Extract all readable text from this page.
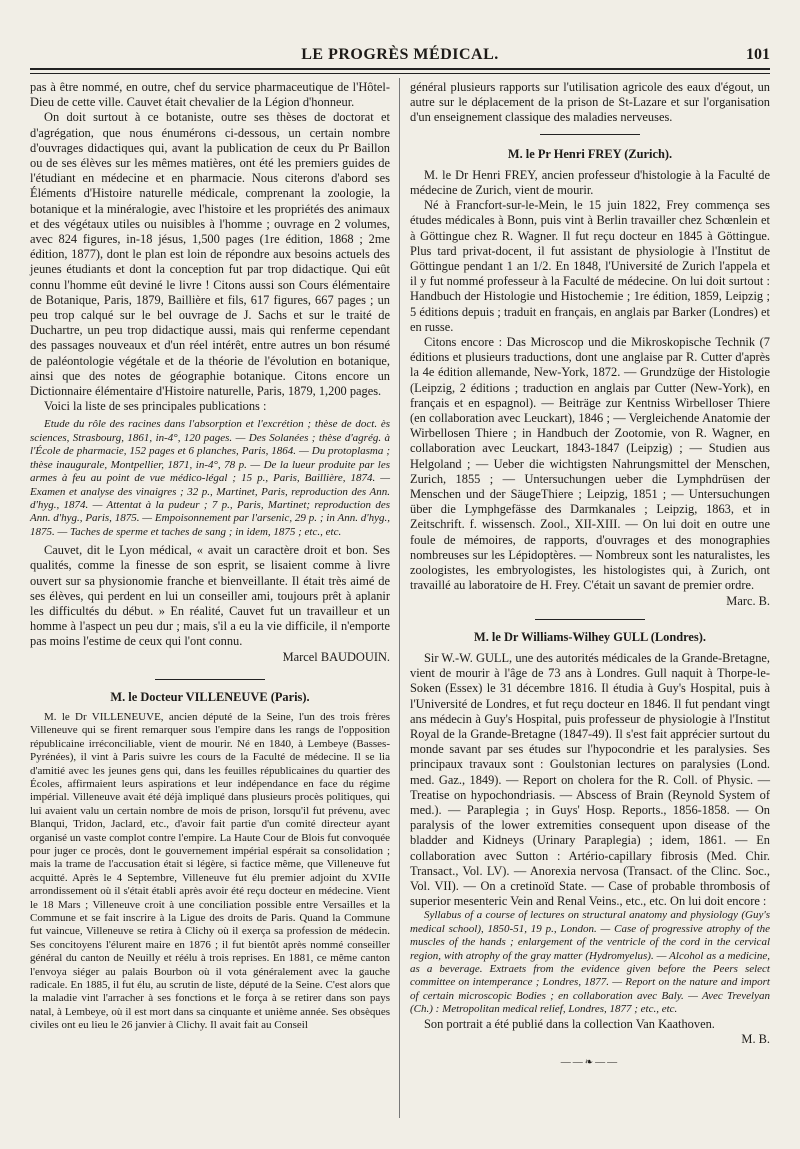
LE PROGRÈS MÉDICAL.	101

pas à être nommé, en outre, chef du service pharmaceutique de l'Hôtel-Dieu de cette ville. Cauvet était chevalier de la Légion d'honneur.

On doit surtout à ce botaniste, outre ses thèses de doctorat et d'agrégation, que nous énumérons ci-dessous, un certain nombre d'ouvrages didactiques qui, avant la publication de ceux du Pr Baillon ou de ses élèves sur les mêmes matières, ont été les premiers guides de l'étudiant en médecine et en pharmacie. Nous citerons d'abord ses Éléments d'Histoire naturelle médicale, comprenant la zoologie, la botanique et la minéralogie, avec l'histoire et les propriétés des animaux et des végétaux utiles ou nuisibles à l'homme ; ouvrage en 2 volumes, avec 824 figures, in-18 jésus, 1,500 pages (1re édition, 1868 ; 2me édition, 1877), dont le plan est loin de répondre aux besoins actuels des jeunes étudiants et dont la conception fut par trop didactique. Qui eût connu l'homme eût deviné le livre ! Citons aussi son Cours élémentaire de Botanique, Paris, 1879, Baillière et fils, 617 figures, 667 pages ; un peu trop calqué sur le bel ouvrage de J. Sachs et sur le traité de Duchartre, un peu trop didactique aussi, mais qui renferme cependant des passages nouveaux et d'un réel intérêt, entre autres un bon résumé de paléontologie végétale et de la théorie de l'évolution en botanique, ainsi que des notes de géographie botanique. Citons encore un Dictionnaire élémentaire d'Histoire naturelle, Paris, 1879, 1,200 pages.

Voici la liste de ses principales publications :

Etude du rôle des racines dans l'absorption et l'excrétion ; thèse de doct. ès sciences, Strasbourg, 1861, in-4°, 120 pages. — Des Solanées ; thèse d'agrég. à l'École de pharmacie, 152 pages et 6 planches, Paris, 1864. — Du protoplasma ; thèse inaugurale, Montpellier, 1871, in-4°, 78 p. — De la lueur produite par les armes à feu au point de vue médico-légal ; 15 p., Paris, Baillière, 1874. — Examen et analyse des vinaigres ; 32 p., Martinet, Paris, reproduction des Ann. d'hyg., 1874. — Attentat à la pudeur ; 7 p., Paris, Martinet; reproduction des Ann. d'hyg., Paris, 1875. — Empoisonnement par l'arsenic, 29 p. ; in Ann. d'hyg., 1875. — Taches de sperme et taches de sang ; in idem, 1875 ; etc., etc.

Cauvet, dit le Lyon médical, « avait un caractère droit et bon. Ses qualités, comme la finesse de son esprit, se lisaient comme à livre ouvert sur sa physionomie franche et bienveillante. Il était très aimé de ses élèves, qui perdent en lui un conseiller ami, toujours prêt à aplanir les difficultés du début. » En réalité, Cauvet fut un travailleur et un homme à l'aspect un peu dur ; mais, s'il a eu la vie difficile, il n'emporte pas moins l'estime de ceux qui l'ont connu.

Marcel BAUDOUIN.
M. le Docteur VILLENEUVE (Paris).

M. le Dr VILLENEUVE, ancien député de la Seine, l'un des trois frères Villeneuve qui se firent remarquer sous l'empire dans les rangs de l'opposition républicaine irréconciliable, vient de mourir. Né en 1840, à Lembeye (Basses-Pyrénées), il vint à Paris suivre les cours de la Faculté de médecine. Il se lia d'amitié avec les jeunes gens qui, dans les feuilles républicaines du quartier des Écoles, affirmaient leurs aspirations et leur indépendance en face du régime impérial. Villeneuve avait été déjà impliqué dans plusieurs procès politiques, qui lui avaient valu un certain nombre de mois de prison, lorsqu'il fut prévenu, avec Blanqui, Tridon, Jaclard, etc., d'avoir fait partie d'un comité directeur ayant organisé un vaste complot contre l'empire. La Haute Cour de Blois fut convoquée pour juger ce procès, dont le gouvernement impérial espérait sa consolidation ; mais la trame de l'accusation était si légère, si factice même, que Villeneuve fut acquitté. Après le 4 Septembre, Villeneuve fut élu premier adjoint du XVIIe arrondissement où il s'était établi après avoir été reçu docteur en médecine. Vient le 18 Mars ; Villeneuve croit à une conciliation possible entre Versailles et la Commune et se fait inscrire à la Ligue des droits de Paris. Quand la Commune fut vaincue, Villeneuve se retira à Clichy où il exerça sa profession de médecin. Ses concitoyens l'élurent maire en 1876 ; il fut bientôt après nommé conseiller général du canton de Neuilly et réélu à trois reprises. En 1881, ce même canton l'envoya siéger au palais Bourbon où il vota généralement avec la gauche radicale. En 1885, il fut élu, au scrutin de liste, député de la Seine. C'est alors que la maladie vint l'arracher à ses fonctions et le força à se retirer dans son pays natal, à Lembeye, où il est mort dans sa cinquante et unième année. Ses obsèques civiles ont eu lieu le 26 janvier à Clichy. Il avait fait au Conseil

général plusieurs rapports sur l'utilisation agricole des eaux d'égout, un autre sur le déplacement de la prison de St-Lazare et sur l'organisation d'un enseignement classique des maladies nerveuses.

M. le Pr Henri FREY (Zurich).

M. le Dr Henri FREY, ancien professeur d'histologie à la Faculté de médecine de Zurich, vient de mourir.

Né à Francfort-sur-le-Mein, le 15 juin 1822, Frey commença ses études médicales à Bonn, puis vint à Berlin travailler chez Schœnlein et à Göttingue chez R. Wagner. Il fut reçu docteur en 1845 à Göttingue. Plus tard privat-docent, il fut assistant de physiologie à l'Institut de Göttingue pendant 1 an 1/2. En 1848, l'Université de Zurich l'appela et il y fut nommé professeur à la Faculté de médecine. On lui doit surtout : Handbuch der Histologie und Histochemie ; 1re édition, 1859, Leipzig ; 5 éditions depuis ; traduit en français, en anglais par Barker (Londres) et en russe.

Citons encore : Das Microscop und die Mikroskopische Technik (7 éditions et plusieurs traductions, dont une anglaise par R. Cutter d'après la 4e édition allemande, New-York, 1872. — Grundzüge der Histologie (Leipzig, 2 éditions ; traduction en anglais par Cutter (New-York), en français et en espagnol). — Beiträge zur Kentniss Wirbelloser Thiere (en collaboration avec Leuckart), 1846 ; — Vergleichende Anatomie der Wirbellosen Thiere ; in Handbuch der Zootomie, von R. Wagner, en collaboration avec Leuckart, 1843-1847 (Leipzig) ; — Studien aus Helgoland ; — Ueber die wichtigsten Nahrungsmittel der Menschen, Zurich, 1855 ; — Untersuchungen ueber die Lymphdrüsen der Menschen und der SäugeThiere ; Leipzig, 1851 ; — Untersuchungen über die Lymphgefässe des Darmkanales ; Leipzig, 1863, et in Zeitschrift. f. wissensch. Zool., XII-XIII. — On lui doit en outre une foule de mémoires, de rapports, d'ouvrages et des monographies nombreuses sur les Lépidoptères. — Nombreux sont les naturalistes, les zoologistes, les embryologistes, les histologistes qui, à Zurich, ont travaillé au laboratoire de H. Frey. C'était un savant de premier ordre.

Marc. B.
M. le Dr Williams-Wilhey GULL (Londres).

Sir W.-W. GULL, une des autorités médicales de la Grande-Bretagne, vient de mourir à l'âge de 73 ans à Londres. Gull naquit à Thorpe-le-Soken (Essex) le 31 décembre 1816. Il étudia à Guy's Hospital, puis à l'Université de Londres, et fut reçu docteur en 1846. Il fut pendant vingt ans médecin à Guy's Hospital, puis professeur de physiologie à l'Institut Royal de la Grande-Bretagne (1847-49). Il s'est fait apprécier surtout du monde savant par ses études sur l'hypocondrie et les paralysies. Ses principaux travaux sont : Goulstonian lectures on paralysies (Lond. med. Gaz., 1849). — Report on cholera for the R. Coll. of Physic. — Treatise on hypochondriasis. — Abscess of Brain (Reynold System of med.). — Paraplegia ; in Guys' Hosp. Reports., 1856-1858. — On paralysis of the lower extremities consequent upon disease of the bladder and Kidneys (Urinary Paraplegia) ; idem, 1861. — En collaboration avec Sutton : Artério-capillary fibrosis (Med. Chir. Transact., Vol. LV). — Anorexia nervosa (Transact. of the Clinc. Soc., Vol. VII). — On a cretinoïd State. — Case of probable thrombosis of superior mesenteric Vein and Renal Veins., etc., etc. On lui doit encore :

Syllabus of a course of lectures on structural anatomy and physiology (Guy's medical school), 1850-51, 19 p., London. — Case of progressive atrophy of the muscles of the hands ; enlargement of the ventricle of the cord in the cervical region, with atrophy of the gray matter (Hydromyelus). — Alcohol as a medicine, as a beverage. Extraets from the evidence given before the Peers select committee on intemperance ; Londres, 1877. — Report on the nature and import of certain microscopic Bodies ; en collaboration avec Baly. — Avec Trevelyan (Ch.) : Metropolitan medical relief, Londres, 1877 ; etc., etc.

Son portrait a été publié dans la collection Van Kaathoven.

M. B.
——❧——
